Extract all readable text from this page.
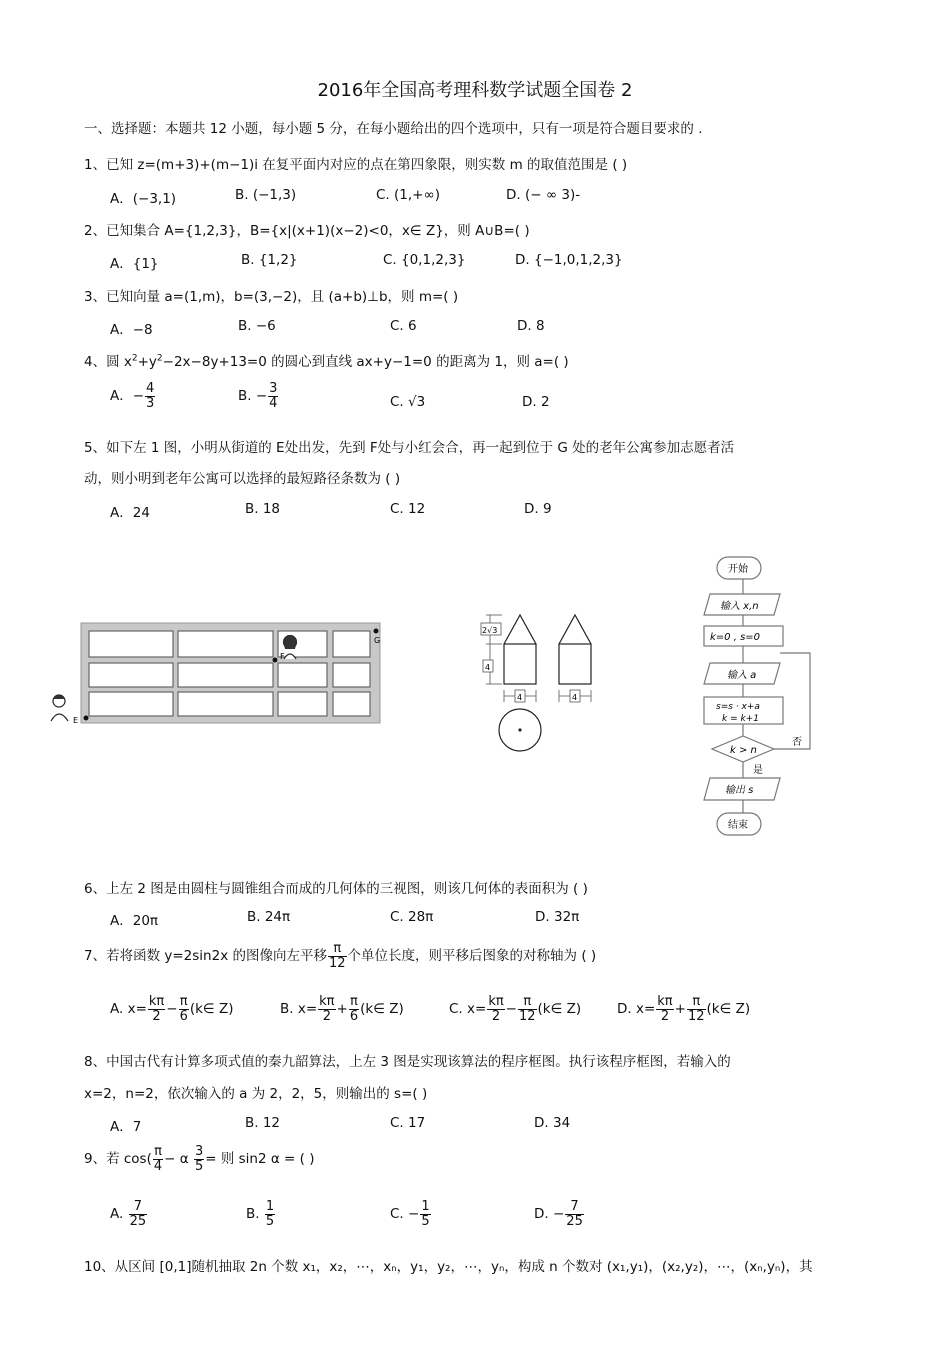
2016年全国高考理科数学试题全国卷 2
一、选择题：本题共 12 小题，每小题 5 分，在每小题给出的四个选项中，只有一项是符合题目要求的 .
1、已知 z=(m+3)+(m−1)i 在复平面内对应的点在第四象限，则实数 m 的取值范围是 ( )
A．(−3,1)	B. (−1,3)	C. (1,+∞)	D. (− ∞ 3)-
2、已知集合 A={1,2,3}，B={x|(x+1)(x−2)<0，x∈ Z}，则 A∪B=( )
A．{1}	B. {1,2}	C. {0,1,2,3}	D. {−1,0,1,2,3}
3、已知向量 a=(1,m)，b=(3,−2)，且 (a+b)⊥b，则 m=( )
A．−8	B. −6	C. 6	D. 8
4、圆 $x^2+y^2-2x-8y+13=0$ 的圆心到直线 ax+y−1=0 的距离为 1，则 a=( )
A．− $\frac{4}{3}$	B. − $\frac{3}{4}$	C. √3	D. 2
5、如下左 1 图，小明从街道的 E处出发，先到 F处与小红会合，再一起到位于 G 处的老年公寓参加志愿者活
动，则小明到老年公寓可以选择的最短路径条数为 ( )
A．24	B. 18	C. 12	D. 9
E
F
G
2√3
4
4	4
开始
输入 x,n
k=0 , s=0
输入 a
s=s · x+a
k = k+1
k > n
否
是
输出 s
结束
6、上左 2 图是由圆柱与圆锥组合而成的几何体的三视图，则该几何体的表面积为 ( )
A．20π	B. 24π	C. 28π	D. 32π
7、若将函数 y=2sin2x 的图像向左平移 $\frac{\pi}{12}$ 个单位长度，则平移后图象的对称轴为 ( )
A. $x= \frac{k\pi}{2} - \frac{\pi}{6}$ (k∈ Z)	B. $x= \frac{k\pi}{2} + \frac{\pi}{6}$ (k∈ Z)	C. $x= \frac{k\pi}{2} - \frac{\pi}{12}$ (k∈ Z)	D. $x= \frac{k\pi}{2} + \frac{\pi}{12}$ (k∈ Z)
8、中国古代有计算多项式值的秦九韶算法，上左 3 图是实现该算法的程序框图。执行该程序框图，若输入的
x=2，n=2，依次输入的 a 为 2，2，5，则输出的 s=( )
A．7	B. 12	C. 17	D. 34
9、若 $\cos( \frac{\pi}{4} - \alpha \frac{3}{5}$ = 则 sin2 α = ( )
A. $\frac{7}{25}$	B. $\frac{1}{5}$	C. − $\frac{1}{5}$	D. − $\frac{7}{25}$
10、从区间 [0,1]随机抽取 2n 个数 x₁，x₂，⋯，xₙ，y₁，y₂，⋯，yₙ，构成 n 个数对 (x₁,y₁)，(x₂,y₂)，⋯，(xₙ,yₙ)，其
